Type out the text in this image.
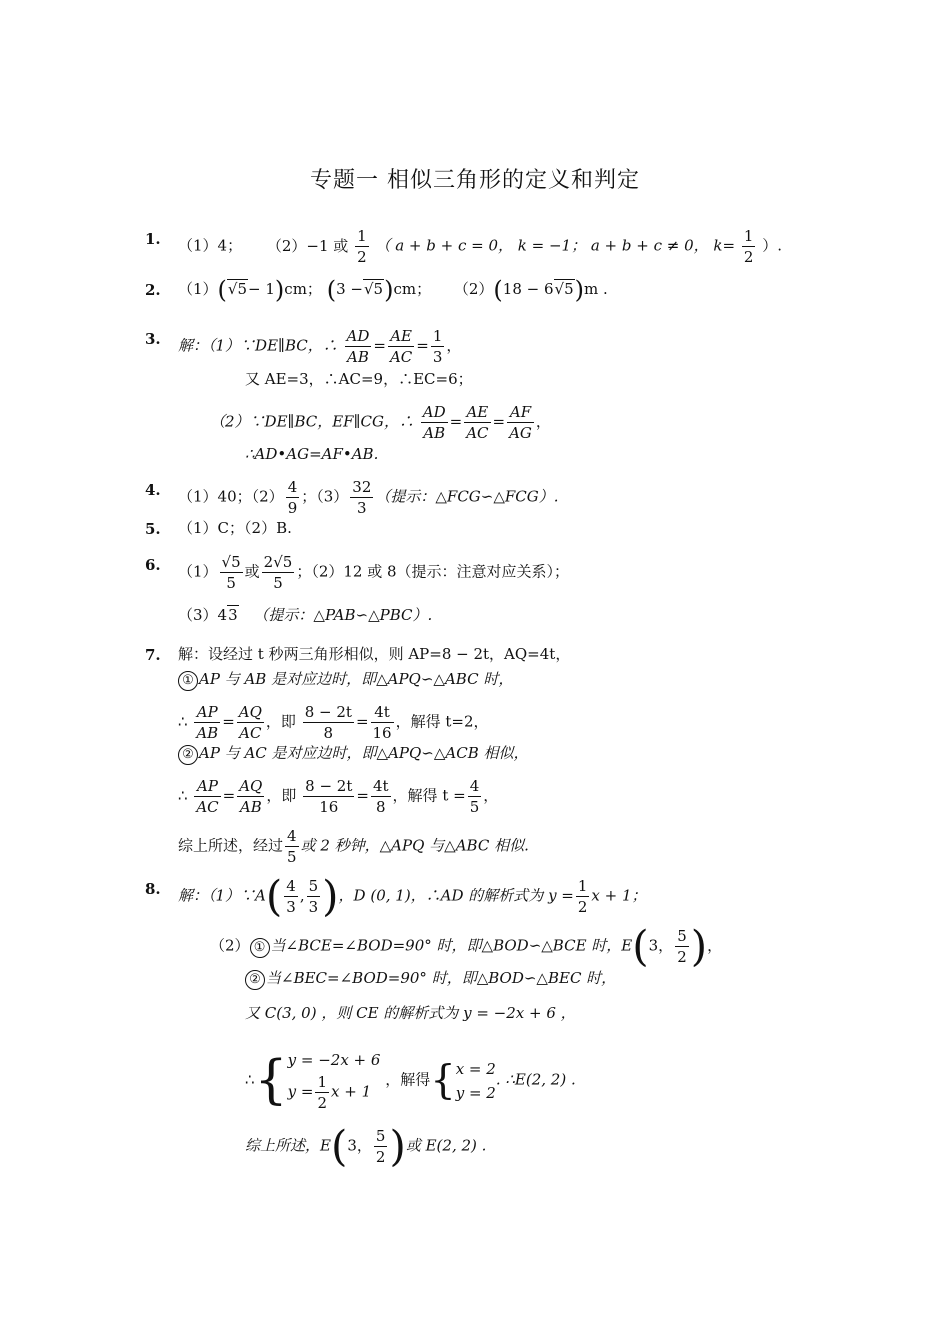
专题一 相似三角形的定义和判定
1. （1）4； （2）−1 或 $\frac{1}{2}$ （ a + b + c = 0， k = −1； a + b + c ≠ 0， $k= \frac{1}{2}$ ）.
2. （1）(√5− 1)cm； (3 −√5)cm； （2）(18 − 6√5)m .
3. 解：（1）∵DE∥BC，∴ $\frac{AD}{AB} = \frac{AE}{AC} = \frac{1}{3}$ ，
又 AE=3，∴AC=9，∴EC=6；
（2）∵DE∥BC，EF∥CG，∴ $\frac{AD}{AB} = \frac{AE}{AC} = \frac{AF}{AG}$ ，
∴AD•AG=AF•AB.
4. （1）40；$(2) \frac{4}{9}$ ；$(3) \frac{32}{3}$ （提示：△FCG∽△FCG）.
5. （1）C；（2）B.
6. $(1) \frac{√5}{5}$ 或 $\frac{2√5}{5}$ ；（2）12 或 8（提示：注意对应关系）；
（3）43 （提示：△PAB∽△PBC）.
7. 解：设经过 t 秒两三角形相似，则 AP=8 − 2t，AQ=4t，
① AP 与 AB 是对应边时，即△APQ∽△ABC 时，
∴ $\frac{AP}{AB} = \frac{AQ}{AC}$ ，即 $\frac{8 - 2t}{8} = \frac{4t}{16}$ ，解得 t=2，
② AP 与 AC 是对应边时，即△APQ∽△ACB 相似，
∴ $\frac{AP}{AC} = \frac{AQ}{AB}$ ，即 $\frac{8 - 2t}{16} = \frac{4t}{8}$ ，解得 $t = \frac{4}{5}$ ，
综上所述，经过 $\frac{4}{5}$ 或 2 秒钟，△APQ 与△ABC 相似.
8. 解：（1）∵A( $\frac{4}{3}$ , $\frac{5}{3}$ )，D (0, 1)，∴AD 的解析式为 $y = \frac{1}{2}$ x + 1；
（2） ① 当∠BCE=∠BOD=90° 时，即△BOD∽△BCE 时，E(3， $\frac{5}{2}$ )，
② 当∠BEC=∠BOD=90° 时，即△BOD∽△BEC 时，
又 C(3, 0) ，则 CE 的解析式为 y = −2x + 6 ，
∴{ y = −2x + 6
$y = \frac{1}{2}$ x + 1
，解得{ x = 2
y = 2
. ∴E(2, 2) .
综上所述，E(3， $\frac{5}{2}$ )或 E(2, 2) .
